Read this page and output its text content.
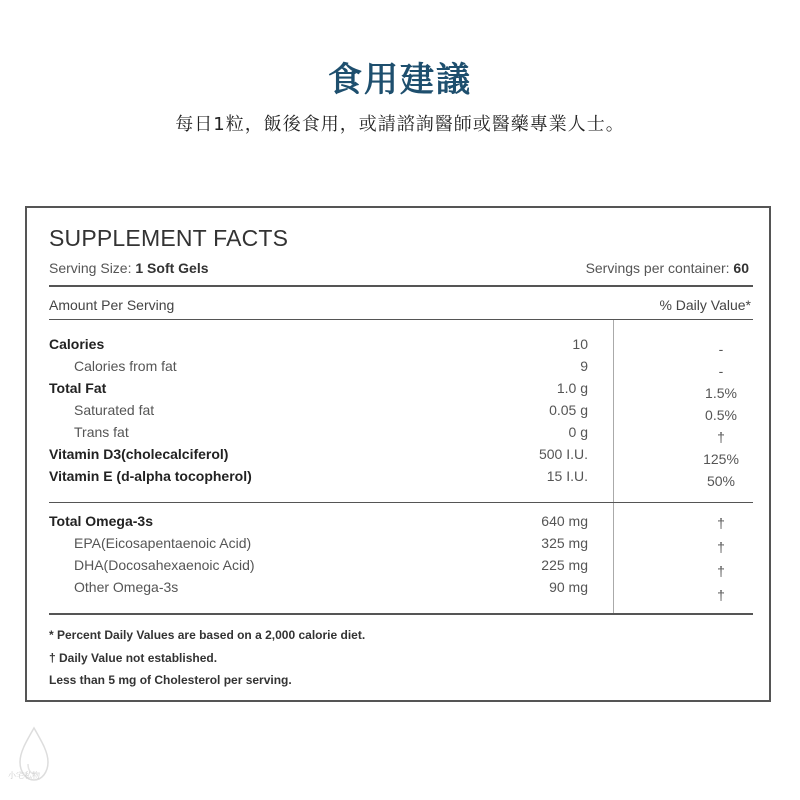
食用建議
每日1粒，飯後食用，或請諮詢醫師或醫藥專業人士。
SUPPLEMENT FACTS
Serving Size: 1 Soft Gels	Servings per container: 60
Amount Per Serving	% Daily Value*
Calories	10	-
Calories from fat	9	-
Total Fat	1.0 g	1.5%
Saturated fat	0.05 g	0.5%
Trans fat	0 g	†
Vitamin D3(cholecalciferol)	500 I.U.	125%
Vitamin E (d-alpha tocopherol)	15 I.U.	50%
Total Omega-3s	640 mg	†
EPA(Eicosapentaenoic Acid)	325 mg	†
DHA(Docosahexaenoic Acid)	225 mg	†
Other Omega-3s	90 mg	†
* Percent Daily Values are based on a 2,000 calorie diet.
† Daily Value not established.
Less than 5 mg of Cholesterol per serving.
小宅私物
